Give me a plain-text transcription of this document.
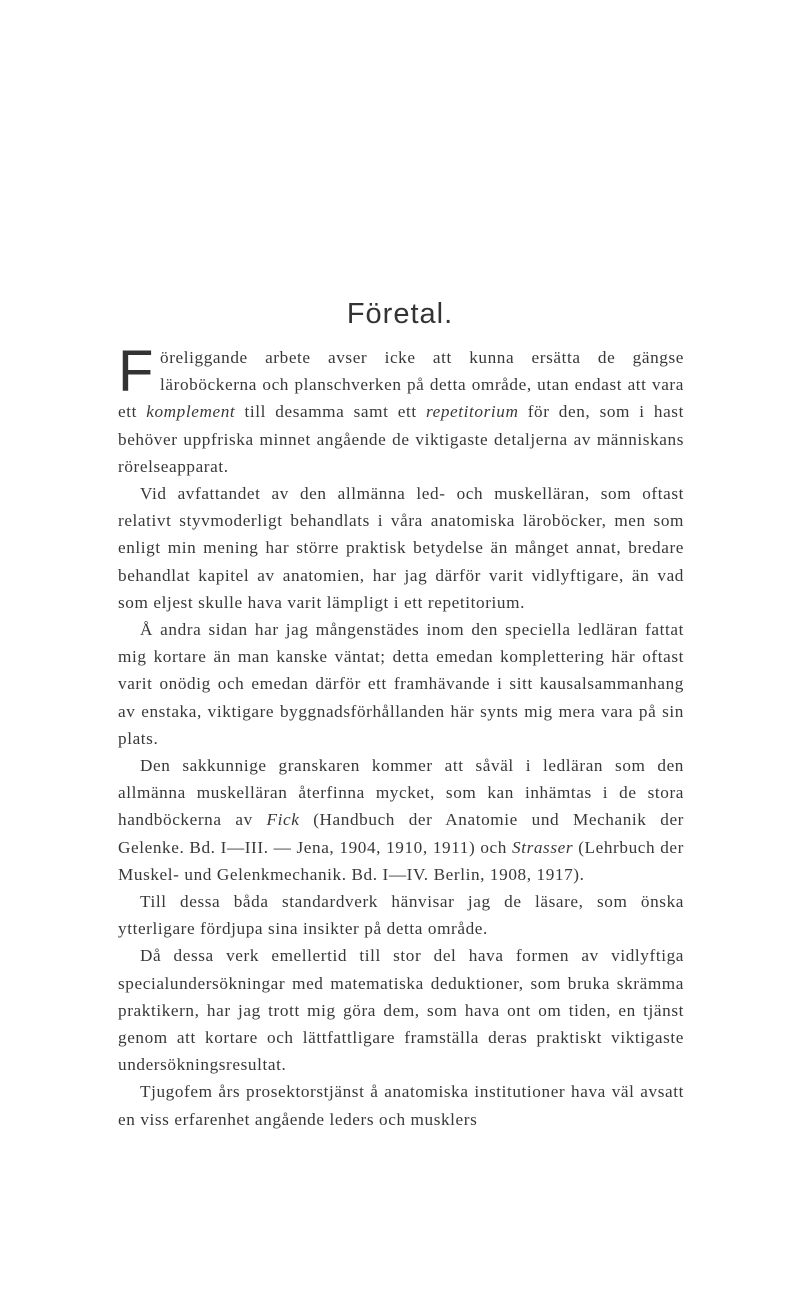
Företal.

Föreliggande arbete avser icke att kunna ersätta de gängse läroböckerna och planschverken på detta område, utan endast att vara ett komplement till desamma samt ett repetitorium för den, som i hast behöver uppfriska minnet angående de viktigaste detaljerna av människans rörelseapparat.

Vid avfattandet av den allmänna led- och muskelläran, som oftast relativt styvmoderligt behandlats i våra anatomiska läroböcker, men som enligt min mening har större praktisk betydelse än månget annat, bredare behandlat kapitel av anatomien, har jag därför varit vidlyftigare, än vad som eljest skulle hava varit lämpligt i ett repetitorium.

Å andra sidan har jag mångenstädes inom den speciella ledläran fattat mig kortare än man kanske väntat; detta emedan komplettering här oftast varit onödig och emedan därför ett framhävande i sitt kausalsammanhang av enstaka, viktigare byggnadsförhållanden här synts mig mera vara på sin plats.

Den sakkunnige granskaren kommer att såväl i ledläran som den allmänna muskelläran återfinna mycket, som kan inhämtas i de stora handböckerna av Fick (Handbuch der Anatomie und Mechanik der Gelenke. Bd. I—III. — Jena, 1904, 1910, 1911) och Strasser (Lehrbuch der Muskel- und Gelenkmechanik. Bd. I—IV. Berlin, 1908, 1917).

Till dessa båda standardverk hänvisar jag de läsare, som önska ytterligare fördjupa sina insikter på detta område.

Då dessa verk emellertid till stor del hava formen av vidlyftiga specialundersökningar med matematiska deduktioner, som bruka skrämma praktikern, har jag trott mig göra dem, som hava ont om tiden, en tjänst genom att kortare och lättfattligare framställa deras praktiskt viktigaste undersökningsresultat.

Tjugofem års prosektorstjänst å anatomiska institutioner hava väl avsatt en viss erfarenhet angående leders och musklers
